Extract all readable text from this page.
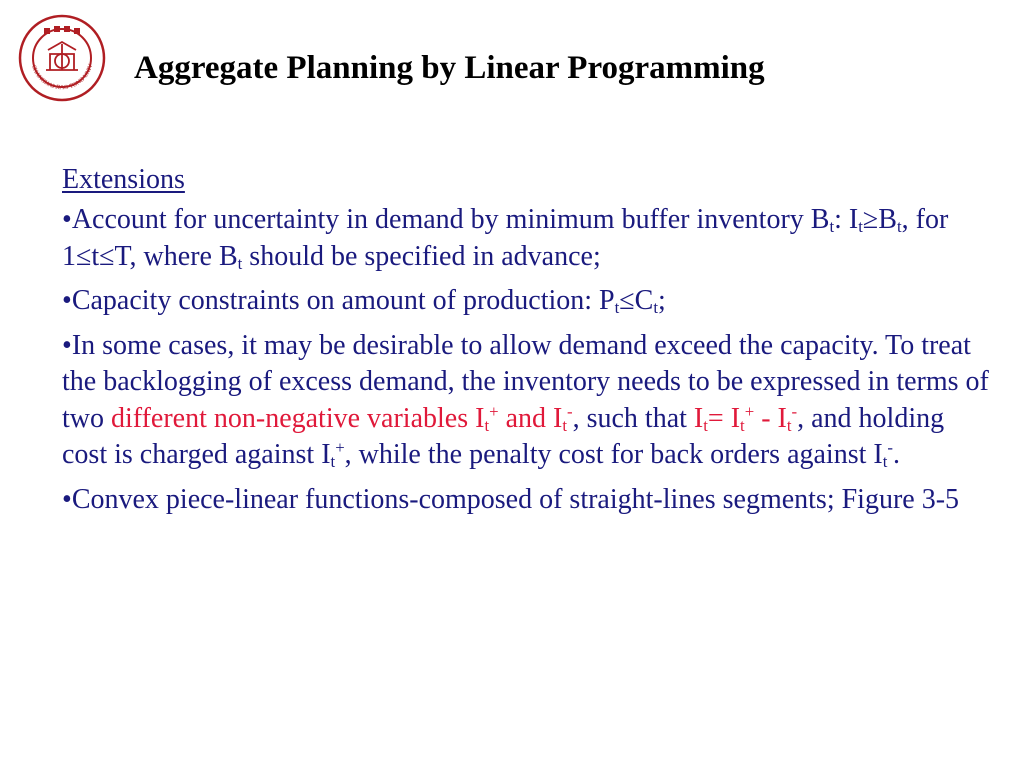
SHANGHAI JIAO TONG UNIV Aggregate Planning by Linear Programming
Extensions

•Account for uncertainty in demand by minimum buffer inventory $B_t$: $I_t\ge B_t$, for 1≤t≤T, where $B_t$ should be specified in advance;

•Capacity constraints on amount of production: $P_t\le C_t$;

•In some cases, it may be desirable to allow demand exceed the capacity. To treat the backlogging of excess demand, the inventory needs to be expressed in terms of two different non-negative variables $I_t^+$ and $I_t^-$, such that $I_t= I_t^+ - I_t^-$, and holding cost is charged against $I_t^+$, while the penalty cost for back orders against $I_t^-$.

•Convex piece-linear functions-composed of straight-lines segments; Figure 3-5
